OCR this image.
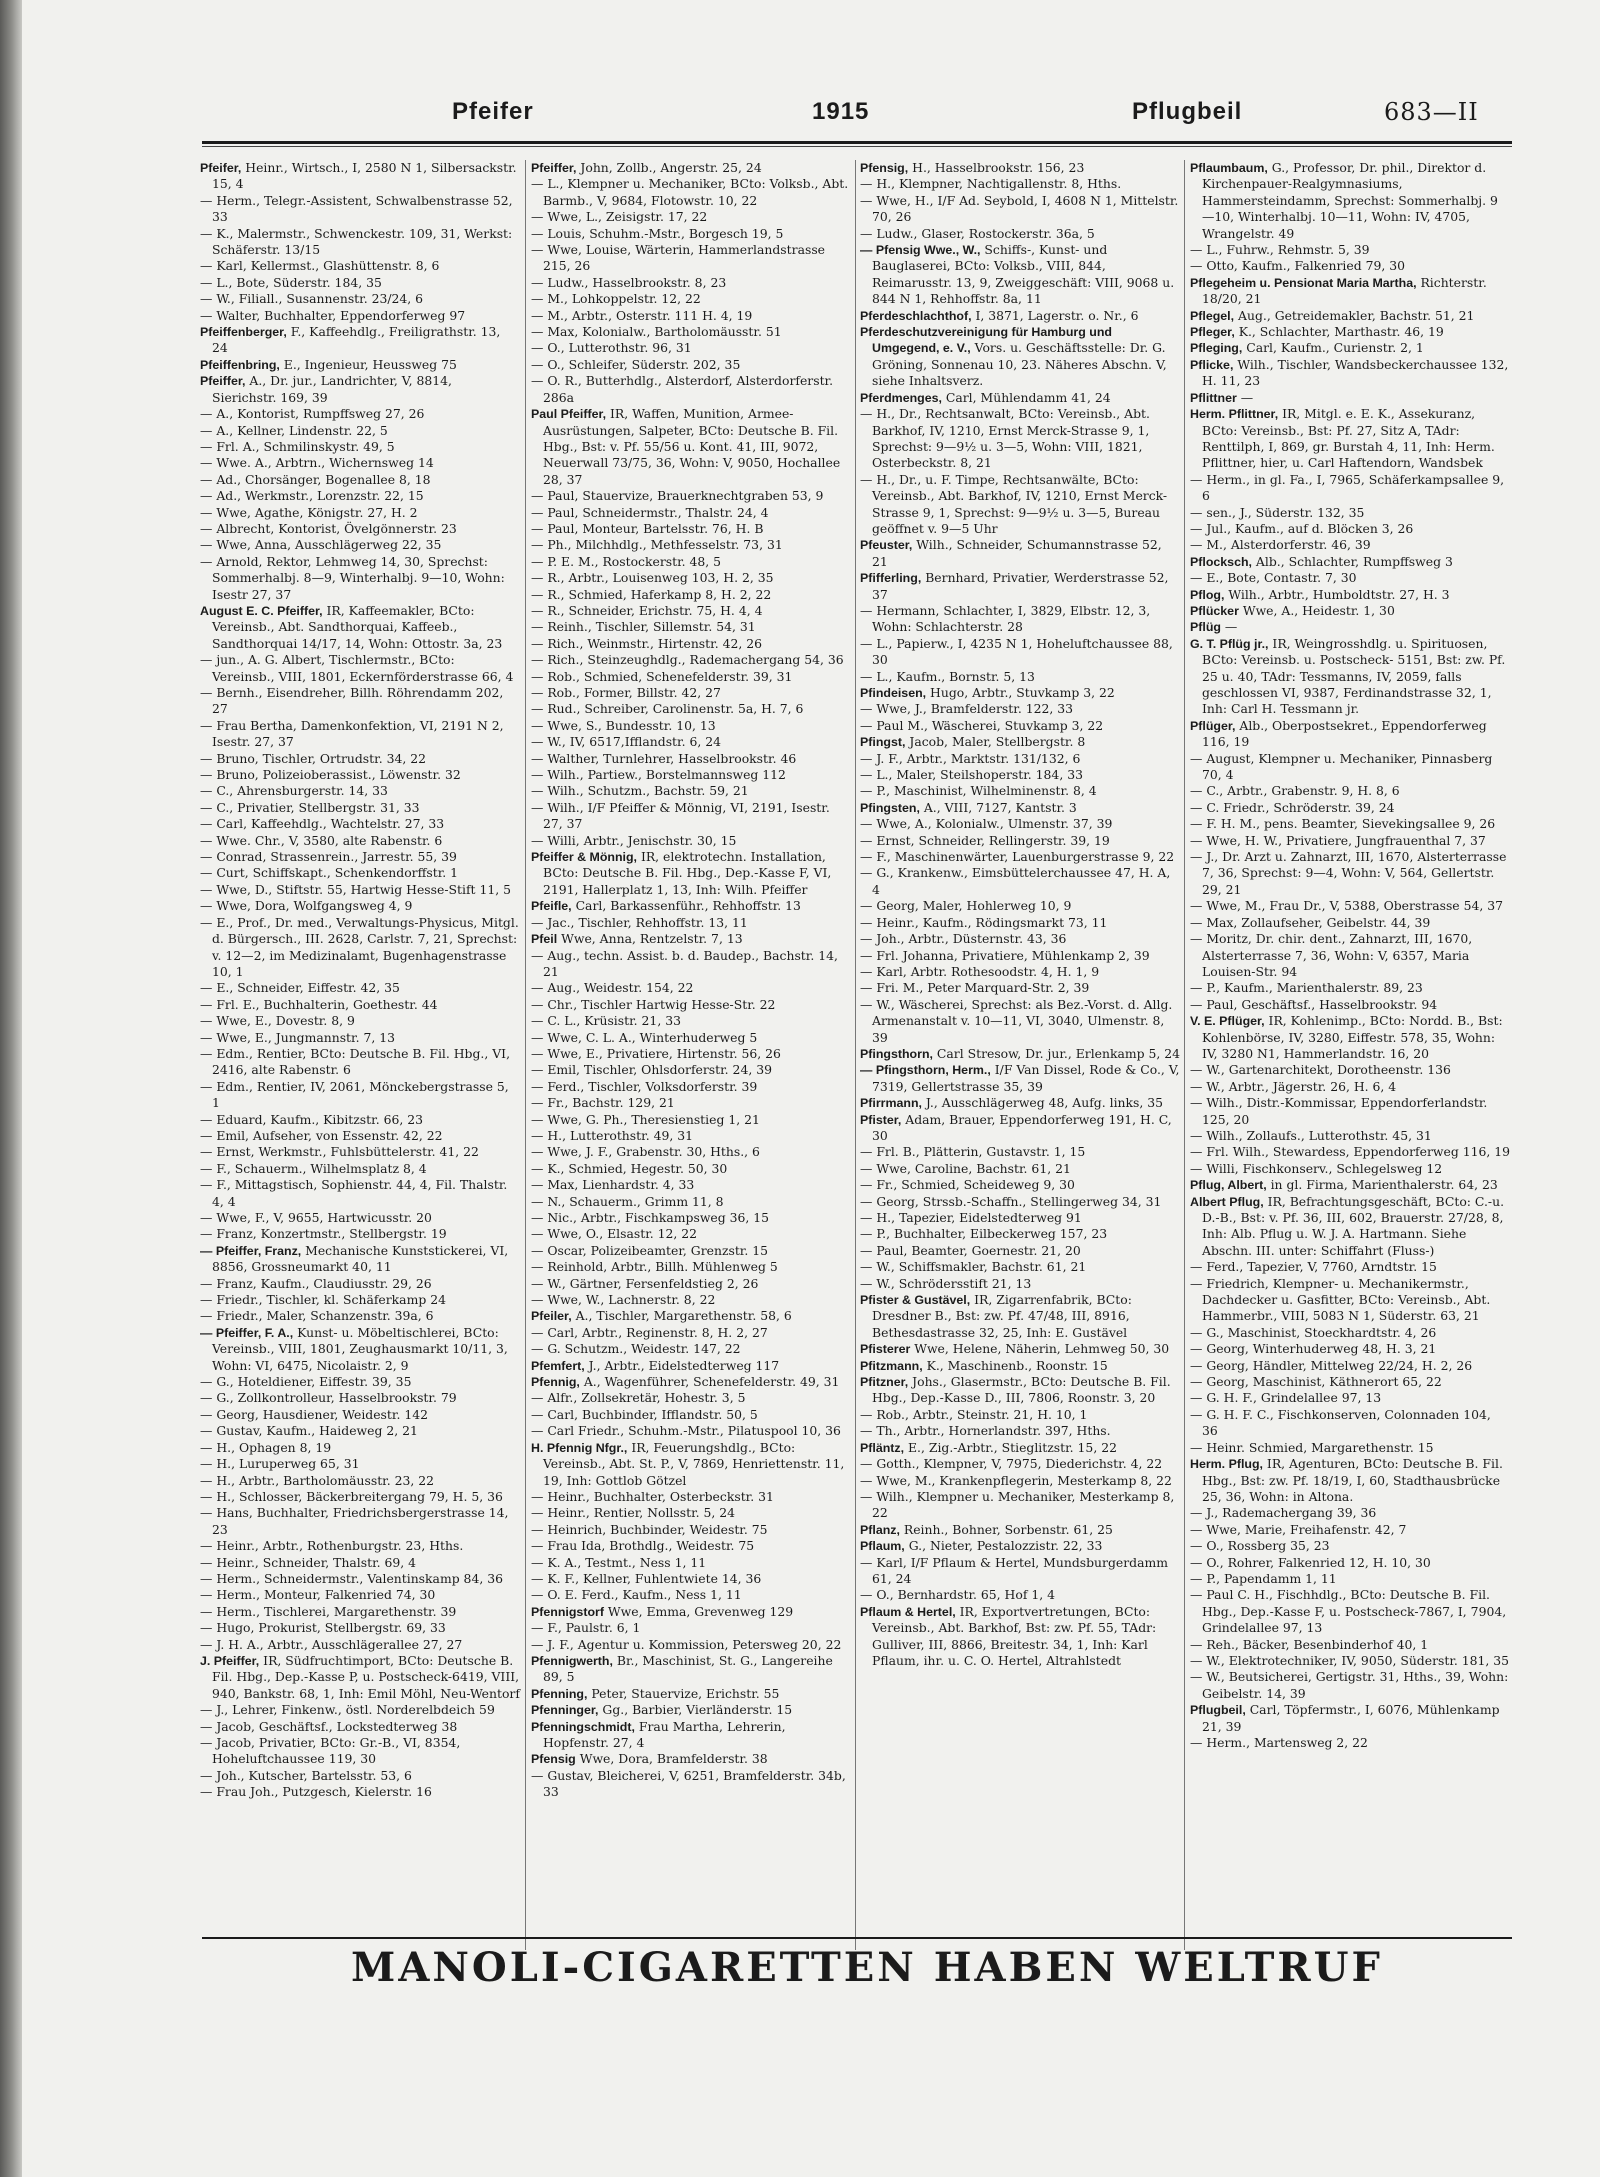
Pfeifer	1915	Pflugbeil	683—II

Pfeifer, Heinr., Wirtsch., I, 2580 N 1, Silbersackstr. 15, 4

— Herm., Telegr.-Assistent, Schwalbenstrasse 52, 33

— K., Malermstr., Schwenckestr. 109, 31, Werkst: Schäferstr. 13/15

— Karl, Kellermst., Glashüttenstr. 8, 6

— L., Bote, Süderstr. 184, 35

— W., Filiall., Susannenstr. 23/24, 6

— Walter, Buchhalter, Eppendorferweg 97

Pfeiffenberger, F., Kaffeehdlg., Freiligrathstr. 13, 24

Pfeiffenbring, E., Ingenieur, Heussweg 75

Pfeiffer, A., Dr. jur., Landrichter, V, 8814, Sierichstr. 169, 39

— A., Kontorist, Rumpffsweg 27, 26

— A., Kellner, Lindenstr. 22, 5

— Frl. A., Schmilinskystr. 49, 5

— Wwe. A., Arbtrn., Wichernsweg 14

— Ad., Chorsänger, Bogenallee 8, 18

— Ad., Werkmstr., Lorenzstr. 22, 15

— Wwe, Agathe, Königstr. 27, H. 2

— Albrecht, Kontorist, Övelgönnerstr. 23

— Wwe, Anna, Ausschlägerweg 22, 35

— Arnold, Rektor, Lehmweg 14, 30, Sprechst: Sommerhalbj. 8—9, Winterhalbj. 9—10, Wohn: Isestr 27, 37

August E. C. Pfeiffer, IR, Kaffeemakler, BCto: Vereinsb., Abt. Sandthorquai, Kaffeeb., Sandthorquai 14/17, 14, Wohn: Ottostr. 3a, 23

— jun., A. G. Albert, Tischlermstr., BCto: Vereinsb., VIII, 1801, Eckernförderstrasse 66, 4

— Bernh., Eisendreher, Billh. Röhrendamm 202, 27

— Frau Bertha, Damenkonfektion, VI, 2191 N 2, Isestr. 27, 37

— Bruno, Tischler, Ortrudstr. 34, 22

— Bruno, Polizeioberassist., Löwenstr. 32

— C., Ahrensburgerstr. 14, 33

— C., Privatier, Stellbergstr. 31, 33

— Carl, Kaffeehdlg., Wachtelstr. 27, 33

— Wwe. Chr., V, 3580, alte Rabenstr. 6

— Conrad, Strassenrein., Jarrestr. 55, 39

— Curt, Schiffskapt., Schenkendorffstr. 1

— Wwe, D., Stiftstr. 55, Hartwig Hesse-Stift 11, 5

— Wwe, Dora, Wolfgangsweg 4, 9

— E., Prof., Dr. med., Verwaltungs-Physicus, Mitgl. d. Bürgersch., III. 2628, Carlstr. 7, 21, Sprechst: v. 12—2, im Medizinalamt, Bugenhagenstrasse 10, 1

— E., Schneider, Eiffestr. 42, 35

— Frl. E., Buchhalterin, Goethestr. 44

— Wwe, E., Dovestr. 8, 9

— Wwe, E., Jungmannstr. 7, 13

— Edm., Rentier, BCto: Deutsche B. Fil. Hbg., VI, 2416, alte Rabenstr. 6

— Edm., Rentier, IV, 2061, Mönckebergstrasse 5, 1

— Eduard, Kaufm., Kibitzstr. 66, 23

— Emil, Aufseher, von Essenstr. 42, 22

— Ernst, Werkmstr., Fuhlsbüttelerstr. 41, 22

— F., Schauerm., Wilhelmsplatz 8, 4

— F., Mittagstisch, Sophienstr. 44, 4, Fil. Thalstr. 4, 4

— Wwe, F., V, 9655, Hartwicusstr. 20

— Franz, Konzertmstr., Stellbergstr. 19

— Pfeiffer, Franz, Mechanische Kunststickerei, VI, 8856, Grossneumarkt 40, 11

— Franz, Kaufm., Claudiusstr. 29, 26

— Friedr., Tischler, kl. Schäferkamp 24

— Friedr., Maler, Schanzenstr. 39a, 6

— Pfeiffer, F. A., Kunst- u. Möbeltischlerei, BCto: Vereinsb., VIII, 1801, Zeughausmarkt 10/11, 3, Wohn: VI, 6475, Nicolaistr. 2, 9

— G., Hoteldiener, Eiffestr. 39, 35

— G., Zollkontrolleur, Hasselbrookstr. 79

— Georg, Hausdiener, Weidestr. 142

— Gustav, Kaufm., Haideweg 2, 21

— H., Ophagen 8, 19

— H., Luruperweg 65, 31

— H., Arbtr., Bartholomäusstr. 23, 22

— H., Schlosser, Bäckerbreitergang 79, H. 5, 36

— Hans, Buchhalter, Friedrichsbergerstrasse 14, 23

— Heinr., Arbtr., Rothenburgstr. 23, Hths.

— Heinr., Schneider, Thalstr. 69, 4

— Herm., Schneidermstr., Valentinskamp 84, 36

— Herm., Monteur, Falkenried 74, 30

— Herm., Tischlerei, Margarethenstr. 39

— Hugo, Prokurist, Stellbergstr. 69, 33

— J. H. A., Arbtr., Ausschlägerallee 27, 27

J. Pfeiffer, IR, Südfruchtimport, BCto: Deutsche B. Fil. Hbg., Dep.-Kasse P, u. Postscheck-6419, VIII, 940, Bankstr. 68, 1, Inh: Emil Möhl, Neu-Wentorf

— J., Lehrer, Finkenw., östl. Norderelbdeich 59

— Jacob, Geschäftsf., Lockstedterweg 38

— Jacob, Privatier, BCto: Gr.-B., VI, 8354, Hoheluftchaussee 119, 30

— Joh., Kutscher, Bartelsstr. 53, 6

— Frau Joh., Putzgesch, Kielerstr. 16

Pfeiffer, John, Zollb., Angerstr. 25, 24

— L., Klempner u. Mechaniker, BCto: Volksb., Abt. Barmb., V, 9684, Flotowstr. 10, 22

— Wwe, L., Zeisigstr. 17, 22

— Louis, Schuhm.-Mstr., Borgesch 19, 5

— Wwe, Louise, Wärterin, Hammerlandstrasse 215, 26

— Ludw., Hasselbrookstr. 8, 23

— M., Lohkoppelstr. 12, 22

— M., Arbtr., Osterstr. 111 H. 4, 19

— Max, Kolonialw., Bartholomäusstr. 51

— O., Lutterothstr. 96, 31

— O., Schleifer, Süderstr. 202, 35

— O. R., Butterhdlg., Alsterdorf, Alsterdorferstr. 286a

Paul Pfeiffer, IR, Waffen, Munition, Armee-Ausrüstungen, Salpeter, BCto: Deutsche B. Fil. Hbg., Bst: v. Pf. 55/56 u. Kont. 41, III, 9072, Neuerwall 73/75, 36, Wohn: V, 9050, Hochallee 28, 37

— Paul, Stauervize, Brauerknechtgraben 53, 9

— Paul, Schneidermstr., Thalstr. 24, 4

— Paul, Monteur, Bartelsstr. 76, H. B

— Ph., Milchhdlg., Methfesselstr. 73, 31

— P. E. M., Rostockerstr. 48, 5

— R., Arbtr., Louisenweg 103, H. 2, 35

— R., Schmied, Haferkamp 8, H. 2, 22

— R., Schneider, Erichstr. 75, H. 4, 4

— Reinh., Tischler, Sillemstr. 54, 31

— Rich., Weinmstr., Hirtenstr. 42, 26

— Rich., Steinzeughdlg., Rademachergang 54, 36

— Rob., Schmied, Schenefelderstr. 39, 31

— Rob., Former, Billstr. 42, 27

— Rud., Schreiber, Carolinenstr. 5a, H. 7, 6

— Wwe, S., Bundesstr. 10, 13

— W., IV, 6517,Ifflandstr. 6, 24

— Walther, Turnlehrer, Hasselbrookstr. 46

— Wilh., Partiew., Borstelmannsweg 112

— Wilh., Schutzm., Bachstr. 59, 21

— Wilh., I/F Pfeiffer & Mönnig, VI, 2191, Isestr. 27, 37

— Willi, Arbtr., Jenischstr. 30, 15

Pfeiffer & Mönnig, IR, elektrotechn. Installation, BCto: Deutsche B. Fil. Hbg., Dep.-Kasse F, VI, 2191, Hallerplatz 1, 13, Inh: Wilh. Pfeiffer

Pfeifle, Carl, Barkassenführ., Rehhoffstr. 13

— Jac., Tischler, Rehhoffstr. 13, 11

Pfeil Wwe, Anna, Rentzelstr. 7, 13

— Aug., techn. Assist. b. d. Baudep., Bachstr. 14, 21

— Aug., Weidestr. 154, 22

— Chr., Tischler Hartwig Hesse-Str. 22

— C. L., Krüsistr. 21, 33

— Wwe, C. L. A., Winterhuderweg 5

— Wwe, E., Privatiere, Hirtenstr. 56, 26

— Emil, Tischler, Ohlsdorferstr. 24, 39

— Ferd., Tischler, Volksdorferstr. 39

— Fr., Bachstr. 129, 21

— Wwe, G. Ph., Theresienstieg 1, 21

— H., Lutterothstr. 49, 31

— Wwe, J. F., Grabenstr. 30, Hths., 6

— K., Schmied, Hegestr. 50, 30

— Max, Lienhardstr. 4, 33

— N., Schauerm., Grimm 11, 8

— Nic., Arbtr., Fischkampsweg 36, 15

— Wwe, O., Elsastr. 12, 22

— Oscar, Polizeibeamter, Grenzstr. 15

— Reinhold, Arbtr., Billh. Mühlenweg 5

— W., Gärtner, Fersenfeldstieg 2, 26

— Wwe, W., Lachnerstr. 8, 22

Pfeiler, A., Tischler, Margarethenstr. 58, 6

— Carl, Arbtr., Reginenstr. 8, H. 2, 27

— G. Schutzm., Weidestr. 147, 22

Pfemfert, J., Arbtr., Eidelstedterweg 117

Pfennig, A., Wagenführer, Schenefelderstr. 49, 31

— Alfr., Zollsekretär, Hohestr. 3, 5

— Carl, Buchbinder, Ifflandstr. 50, 5

— Carl Friedr., Schuhm.-Mstr., Pilatuspool 10, 36

H. Pfennig Nfgr., IR, Feuerungshdlg., BCto: Vereinsb., Abt. St. P., V, 7869, Henriettenstr. 11, 19, Inh: Gottlob Götzel

— Heinr., Buchhalter, Osterbeckstr. 31

— Heinr., Rentier, Nollsstr. 5, 24

— Heinrich, Buchbinder, Weidestr. 75

— Frau Ida, Brothdlg., Weidestr. 75

— K. A., Testmt., Ness 1, 11

— K. F., Kellner, Fuhlentwiete 14, 36

— O. E. Ferd., Kaufm., Ness 1, 11

Pfennigstorf Wwe, Emma, Grevenweg 129

— F., Paulstr. 6, 1

— J. F., Agentur u. Kommission, Petersweg 20, 22

Pfennigwerth, Br., Maschinist, St. G., Langereihe 89, 5

Pfenning, Peter, Stauervize, Erichstr. 55

Pfenninger, Gg., Barbier, Vierländerstr. 15

Pfenningschmidt, Frau Martha, Lehrerin, Hopfenstr. 27, 4

Pfensig Wwe, Dora, Bramfelderstr. 38

— Gustav, Bleicherei, V, 6251, Bramfelderstr. 34b, 33

Pfensig, H., Hasselbrookstr. 156, 23

— H., Klempner, Nachtigallenstr. 8, Hths.

— Wwe, H., I/F Ad. Seybold, I, 4608 N 1, Mittelstr. 70, 26

— Ludw., Glaser, Rostockerstr. 36a, 5

— Pfensig Wwe., W., Schiffs-, Kunst- und Bauglaserei, BCto: Volksb., VIII, 844, Reimarusstr. 13, 9, Zweiggeschäft: VIII, 9068 u. 844 N 1, Rehhoffstr. 8a, 11

Pferdeschlachthof, I, 3871, Lagerstr. o. Nr., 6

Pferdeschutzvereinigung für Hamburg und Umgegend, e. V., Vors. u. Geschäftsstelle: Dr. G. Gröning, Sonnenau 10, 23. Näheres Abschn. V, siehe Inhaltsverz.

Pferdmenges, Carl, Mühlendamm 41, 24

— H., Dr., Rechtsanwalt, BCto: Vereinsb., Abt. Barkhof, IV, 1210, Ernst Merck-Strasse 9, 1, Sprechst: 9—9½ u. 3—5, Wohn: VIII, 1821, Osterbeckstr. 8, 21

— H., Dr., u. F. Timpe, Rechtsanwälte, BCto: Vereinsb., Abt. Barkhof, IV, 1210, Ernst Merck-Strasse 9, 1, Sprechst: 9—9½ u. 3—5, Bureau geöffnet v. 9—5 Uhr

Pfeuster, Wilh., Schneider, Schumannstrasse 52, 21

Pfifferling, Bernhard, Privatier, Werderstrasse 52, 37

— Hermann, Schlachter, I, 3829, Elbstr. 12, 3, Wohn: Schlachterstr. 28

— L., Papierw., I, 4235 N 1, Hoheluftchaussee 88, 30

— L., Kaufm., Bornstr. 5, 13

Pfindeisen, Hugo, Arbtr., Stuvkamp 3, 22

— Wwe, J., Bramfelderstr. 122, 33

— Paul M., Wäscherei, Stuvkamp 3, 22

Pfingst, Jacob, Maler, Stellbergstr. 8

— J. F., Arbtr., Marktstr. 131/132, 6

— L., Maler, Steilshoperstr. 184, 33

— P., Maschinist, Wilhelminenstr. 8, 4

Pfingsten, A., VIII, 7127, Kantstr. 3

— Wwe, A., Kolonialw., Ulmenstr. 37, 39

— Ernst, Schneider, Rellingerstr. 39, 19

— F., Maschinenwärter, Lauenburgerstrasse 9, 22

— G., Krankenw., Eimsbüttelerchaussee 47, H. A, 4

— Georg, Maler, Hohlerweg 10, 9

— Heinr., Kaufm., Rödingsmarkt 73, 11

— Joh., Arbtr., Düsternstr. 43, 36

— Frl. Johanna, Privatiere, Mühlenkamp 2, 39

— Karl, Arbtr. Rothesoodstr. 4, H. 1, 9

— Fri. M., Peter Marquard-Str. 2, 39

— W., Wäscherei, Sprechst: als Bez.-Vorst. d. Allg. Armenanstalt v. 10—11, VI, 3040, Ulmenstr. 8, 39

Pfingsthorn, Carl Stresow, Dr. jur., Erlenkamp 5, 24

— Pfingsthorn, Herm., I/F Van Dissel, Rode & Co., V, 7319, Gellertstrasse 35, 39

Pfirrmann, J., Ausschlägerweg 48, Aufg. links, 35

Pfister, Adam, Brauer, Eppendorferweg 191, H. C, 30

— Frl. B., Plätterin, Gustavstr. 1, 15

— Wwe, Caroline, Bachstr. 61, 21

— Fr., Schmied, Scheideweg 9, 30

— Georg, Strssb.-Schaffn., Stellingerweg 34, 31

— H., Tapezier, Eidelstedterweg 91

— P., Buchhalter, Eilbeckerweg 157, 23

— Paul, Beamter, Goernestr. 21, 20

— W., Schiffsmakler, Bachstr. 61, 21

— W., Schrödersstift 21, 13

Pfister & Gustävel, IR, Zigarrenfabrik, BCto: Dresdner B., Bst: zw. Pf. 47/48, III, 8916, Bethesdastrasse 32, 25, Inh: E. Gustävel

Pfisterer Wwe, Helene, Näherin, Lehmweg 50, 30

Pfitzmann, K., Maschinenb., Roonstr. 15

Pfitzner, Johs., Glasermstr., BCto: Deutsche B. Fil. Hbg., Dep.-Kasse D., III, 7806, Roonstr. 3, 20

— Rob., Arbtr., Steinstr. 21, H. 10, 1

— Th., Arbtr., Hornerlandstr. 397, Hths.

Pfläntz, E., Zig.-Arbtr., Stieglitzstr. 15, 22

— Gotth., Klempner, V, 7975, Diederichstr. 4, 22

— Wwe, M., Krankenpflegerin, Mesterkamp 8, 22

— Wilh., Klempner u. Mechaniker, Mesterkamp 8, 22

Pflanz, Reinh., Bohner, Sorbenstr. 61, 25

Pflaum, G., Nieter, Pestalozzistr. 22, 33

— Karl, I/F Pflaum & Hertel, Mundsburgerdamm 61, 24

— O., Bernhardstr. 65, Hof 1, 4

Pflaum & Hertel, IR, Exportvertretungen, BCto: Vereinsb., Abt. Barkhof, Bst: zw. Pf. 55, TAdr: Gulliver, III, 8866, Breitestr. 34, 1, Inh: Karl Pflaum, ihr. u. C. O. Hertel, Altrahlstedt

Pflaumbaum, G., Professor, Dr. phil., Direktor d. Kirchenpauer-Realgymnasiums, Hammersteindamm, Sprechst: Sommerhalbj. 9—10, Winterhalbj. 10—11, Wohn: IV, 4705, Wrangelstr. 49

— L., Fuhrw., Rehmstr. 5, 39

— Otto, Kaufm., Falkenried 79, 30

Pflegeheim u. Pensionat Maria Martha, Richterstr. 18/20, 21

Pflegel, Aug., Getreidemakler, Bachstr. 51, 21

Pfleger, K., Schlachter, Marthastr. 46, 19

Pfleging, Carl, Kaufm., Curienstr. 2, 1

Pflicke, Wilh., Tischler, Wandsbeckerchaussee 132, H. 11, 23

Pflittner —

Herm. Pflittner, IR, Mitgl. e. E. K., Assekuranz, BCto: Vereinsb., Bst: Pf. 27, Sitz A, TAdr: Renttilph, I, 869, gr. Burstah 4, 11, Inh: Herm. Pflittner, hier, u. Carl Haftendorn, Wandsbek

— Herm., in gl. Fa., I, 7965, Schäferkampsallee 9, 6

— sen., J., Süderstr. 132, 35

— Jul., Kaufm., auf d. Blöcken 3, 26

— M., Alsterdorferstr. 46, 39

Pflocksch, Alb., Schlachter, Rumpffsweg 3

— E., Bote, Contastr. 7, 30

Pflog, Wilh., Arbtr., Humboldtstr. 27, H. 3

Pflücker Wwe, A., Heidestr. 1, 30

Pflüg —

G. T. Pflüg jr., IR, Weingrosshdlg. u. Spirituosen, BCto: Vereinsb. u. Postscheck- 5151, Bst: zw. Pf. 25 u. 40, TAdr: Tessmanns, IV, 2059, falls geschlossen VI, 9387, Ferdinandstrasse 32, 1, Inh: Carl H. Tessmann jr.

Pflüger, Alb., Oberpostsekret., Eppendorferweg 116, 19

— August, Klempner u. Mechaniker, Pinnasberg 70, 4

— C., Arbtr., Grabenstr. 9, H. 8, 6

— C. Friedr., Schröderstr. 39, 24

— F. H. M., pens. Beamter, Sievekingsallee 9, 26

— Wwe, H. W., Privatiere, Jungfrauenthal 7, 37

— J., Dr. Arzt u. Zahnarzt, III, 1670, Alsterterrasse 7, 36, Sprechst: 9—4, Wohn: V, 564, Gellertstr. 29, 21

— Wwe, M., Frau Dr., V, 5388, Oberstrasse 54, 37

— Max, Zollaufseher, Geibelstr. 44, 39

— Moritz, Dr. chir. dent., Zahnarzt, III, 1670, Alsterterrasse 7, 36, Wohn: V, 6357, Maria Louisen-Str. 94

— P., Kaufm., Marienthalerstr. 89, 23

— Paul, Geschäftsf., Hasselbrookstr. 94

V. E. Pflüger, IR, Kohlenimp., BCto: Nordd. B., Bst: Kohlenbörse, IV, 3280, Eiffestr. 578, 35, Wohn: IV, 3280 N1, Hammerlandstr. 16, 20

— W., Gartenarchitekt, Dorotheenstr. 136

— W., Arbtr., Jägerstr. 26, H. 6, 4

— Wilh., Distr.-Kommissar, Eppendorferlandstr. 125, 20

— Wilh., Zollaufs., Lutterothstr. 45, 31

— Frl. Wilh., Stewardess, Eppendorferweg 116, 19

— Willi, Fischkonserv., Schlegelsweg 12

Pflug, Albert, in gl. Firma, Marienthalerstr. 64, 23

Albert Pflug, IR, Befrachtungsgeschäft, BCto: C.-u. D.-B., Bst: v. Pf. 36, III, 602, Brauerstr. 27/28, 8, Inh: Alb. Pflug u. W. J. A. Hartmann. Siehe Abschn. III. unter: Schiffahrt (Fluss-)

— Ferd., Tapezier, V, 7760, Arndtstr. 15

— Friedrich, Klempner- u. Mechanikermstr., Dachdecker u. Gasfitter, BCto: Vereinsb., Abt. Hammerbr., VIII, 5083 N 1, Süderstr. 63, 21

— G., Maschinist, Stoeckhardtstr. 4, 26

— Georg, Winterhuderweg 48, H. 3, 21

— Georg, Händler, Mittelweg 22/24, H. 2, 26

— Georg, Maschinist, Käthnerort 65, 22

— G. H. F., Grindelallee 97, 13

— G. H. F. C., Fischkonserven, Colonnaden 104, 36

— Heinr. Schmied, Margarethenstr. 15

Herm. Pflug, IR, Agenturen, BCto: Deutsche B. Fil. Hbg., Bst: zw. Pf. 18/19, I, 60, Stadthausbrücke 25, 36, Wohn: in Altona.

— J., Rademachergang 39, 36

— Wwe, Marie, Freihafenstr. 42, 7

— O., Rossberg 35, 23

— O., Rohrer, Falkenried 12, H. 10, 30

— P., Papendamm 1, 11

— Paul C. H., Fischhdlg., BCto: Deutsche B. Fil. Hbg., Dep.-Kasse F, u. Postscheck-7867, I, 7904, Grindelallee 97, 13

— Reh., Bäcker, Besenbinderhof 40, 1

— W., Elektrotechniker, IV, 9050, Süderstr. 181, 35

— W., Beutsicherei, Gertigstr. 31, Hths., 39, Wohn: Geibelstr. 14, 39

Pflugbeil, Carl, Töpfermstr., I, 6076, Mühlenkamp 21, 39

— Herm., Martensweg 2, 22

MANOLI-CIGARETTEN HABEN WELTRUF
